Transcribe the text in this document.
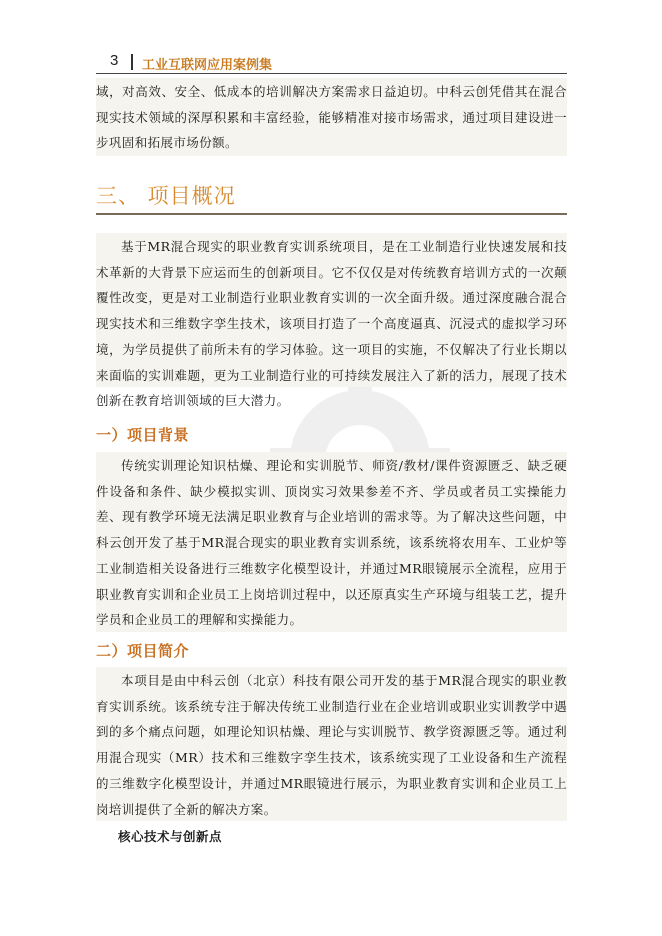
3 工业互联网应用案例集

域，对高效、安全、低成本的培训解决方案需求日益迫切。中科云创凭借其在混合现实技术领域的深厚积累和丰富经验，能够精准对接市场需求，通过项目建设进一步巩固和拓展市场份额。

三、 项目概况

基于MR混合现实的职业教育实训系统项目，是在工业制造行业快速发展和技术革新的大背景下应运而生的创新项目。它不仅仅是对传统教育培训方式的一次颠覆性改变，更是对工业制造行业职业教育实训的一次全面升级。通过深度融合混合现实技术和三维数字孪生技术，该项目打造了一个高度逼真、沉浸式的虚拟学习环境，为学员提供了前所未有的学习体验。这一项目的实施，不仅解决了行业长期以来面临的实训难题，更为工业制造行业的可持续发展注入了新的活力，展现了技术创新在教育培训领域的巨大潜力。

一）项目背景

传统实训理论知识枯燥、理论和实训脱节、师资/教材/课件资源匮乏、缺乏硬件设备和条件、缺少模拟实训、顶岗实习效果参差不齐、学员或者员工实操能力差、现有教学环境无法满足职业教育与企业培训的需求等。为了解决这些问题，中科云创开发了基于MR混合现实的职业教育实训系统，该系统将农用车、工业炉等工业制造相关设备进行三维数字化模型设计，并通过MR眼镜展示全流程，应用于职业教育实训和企业员工上岗培训过程中，以还原真实生产环境与组装工艺，提升学员和企业员工的理解和实操能力。

二）项目简介

本项目是由中科云创（北京）科技有限公司开发的基于MR混合现实的职业教育实训系统。该系统专注于解决传统工业制造行业在企业培训或职业实训教学中遇到的多个痛点问题，如理论知识枯燥、理论与实训脱节、教学资源匮乏等。通过利用混合现实（MR）技术和三维数字孪生技术，该系统实现了工业设备和生产流程的三维数字化模型设计，并通过MR眼镜进行展示，为职业教育实训和企业员工上岗培训提供了全新的解决方案。

核心技术与创新点
